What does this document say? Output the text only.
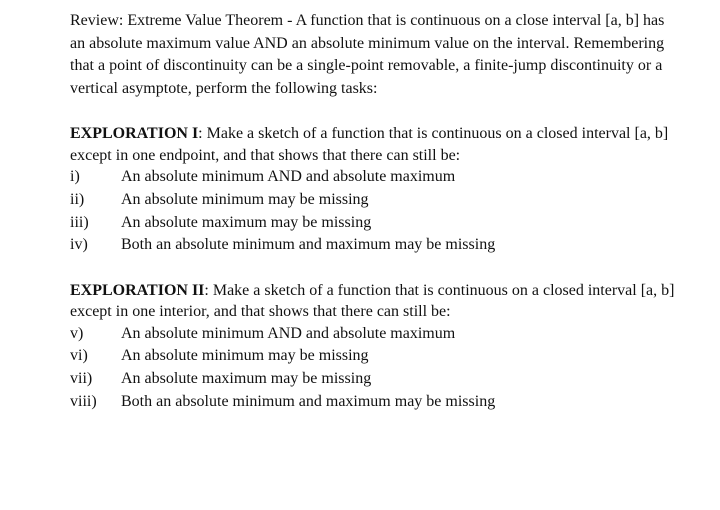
Review: Extreme Value Theorem - A function that is continuous on a close interval [a, b] has an absolute maximum value AND an absolute minimum value on the interval. Remembering that a point of discontinuity can be a single-point removable, a finite-jump discontinuity or a vertical asymptote, perform the following tasks:

EXPLORATION I: Make a sketch of a function that is continuous on a closed interval [a, b] except in one endpoint, and that shows that there can still be:

i)	An absolute minimum AND and absolute maximum
ii)	An absolute minimum may be missing
iii)	An absolute maximum may be missing
iv)	Both an absolute minimum and maximum may be missing

EXPLORATION II: Make a sketch of a function that is continuous on a closed interval [a, b] except in one interior, and that shows that there can still be:

v)	An absolute minimum AND and absolute maximum
vi)	An absolute minimum may be missing
vii)	An absolute maximum may be missing
viii)	Both an absolute minimum and maximum may be missing
